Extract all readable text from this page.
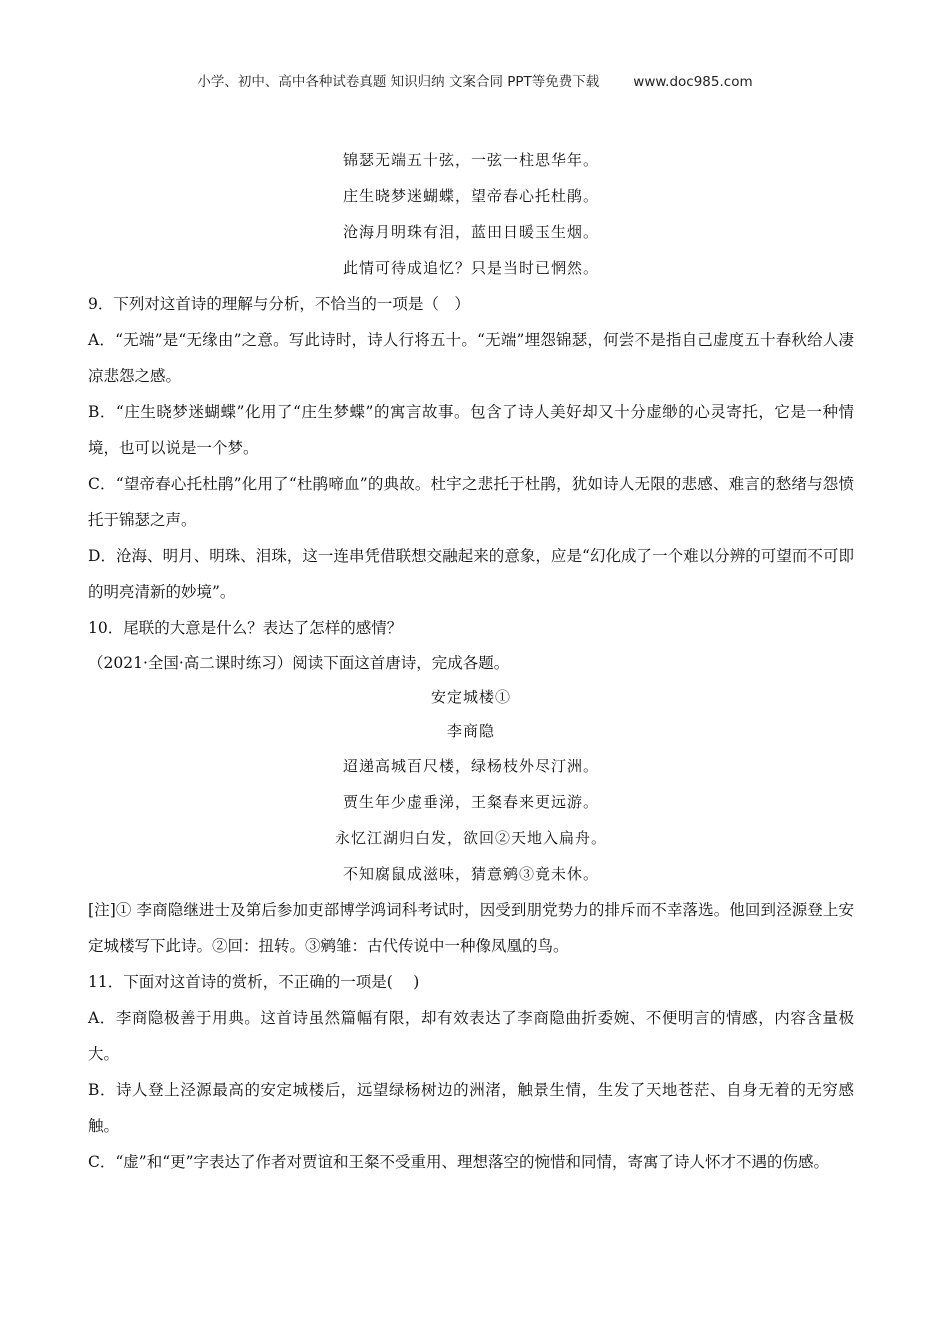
小学、初中、高中各种试卷真题 知识归纳 文案合同 PPT等免费下载	www.doc985.com
锦瑟无端五十弦，一弦一柱思华年。
庄生晓梦迷蝴蝶，望帝春心托杜鹃。
沧海月明珠有泪，蓝田日暖玉生烟。
此情可待成追忆？只是当时已惘然。

9．下列对这首诗的理解与分析，不恰当的一项是（　）

A．“无端”是“无缘由”之意。写此诗时，诗人行将五十。“无端”埋怨锦瑟，何尝不是指自己虚度五十春秋给人凄凉悲怨之感。

B．“庄生晓梦迷蝴蝶”化用了“庄生梦蝶”的寓言故事。包含了诗人美好却又十分虚缈的心灵寄托，它是一种情境，也可以说是一个梦。

C．“望帝春心托杜鹃”化用了“杜鹃啼血”的典故。杜宇之悲托于杜鹃，犹如诗人无限的悲感、难言的愁绪与怨愤托于锦瑟之声。

D．沧海、明月、明珠、泪珠，这一连串凭借联想交融起来的意象，应是“幻化成了一个难以分辨的可望而不可即的明亮清新的妙境”。

10．尾联的大意是什么？表达了怎样的感情？

（2021·全国·高二课时练习）阅读下面这首唐诗，完成各题。

安定城楼①
李商隐
迢递高城百尺楼，绿杨枝外尽汀洲。
贾生年少虚垂涕，王粲春来更远游。
永忆江湖归白发，欲回②天地入扁舟。
不知腐鼠成滋味，猜意鹓③竟未休。

[注]① 李商隐继进士及第后参加吏部博学鸿词科考试时，因受到朋党势力的排斥而不幸落选。他回到泾源登上安定城楼写下此诗。②回：扭转。③鹓雏：古代传说中一种像凤凰的鸟。

11．下面对这首诗的赏析，不正确的一项是(　 )

A．李商隐极善于用典。这首诗虽然篇幅有限，却有效表达了李商隐曲折委婉、不便明言的情感，内容含量极大。

B．诗人登上泾源最高的安定城楼后，远望绿杨树边的洲渚，触景生情，生发了天地苍茫、自身无着的无穷感触。

C．“虚”和“更”字表达了作者对贾谊和王粲不受重用、理想落空的惋惜和同情，寄寓了诗人怀才不遇的伤感。
